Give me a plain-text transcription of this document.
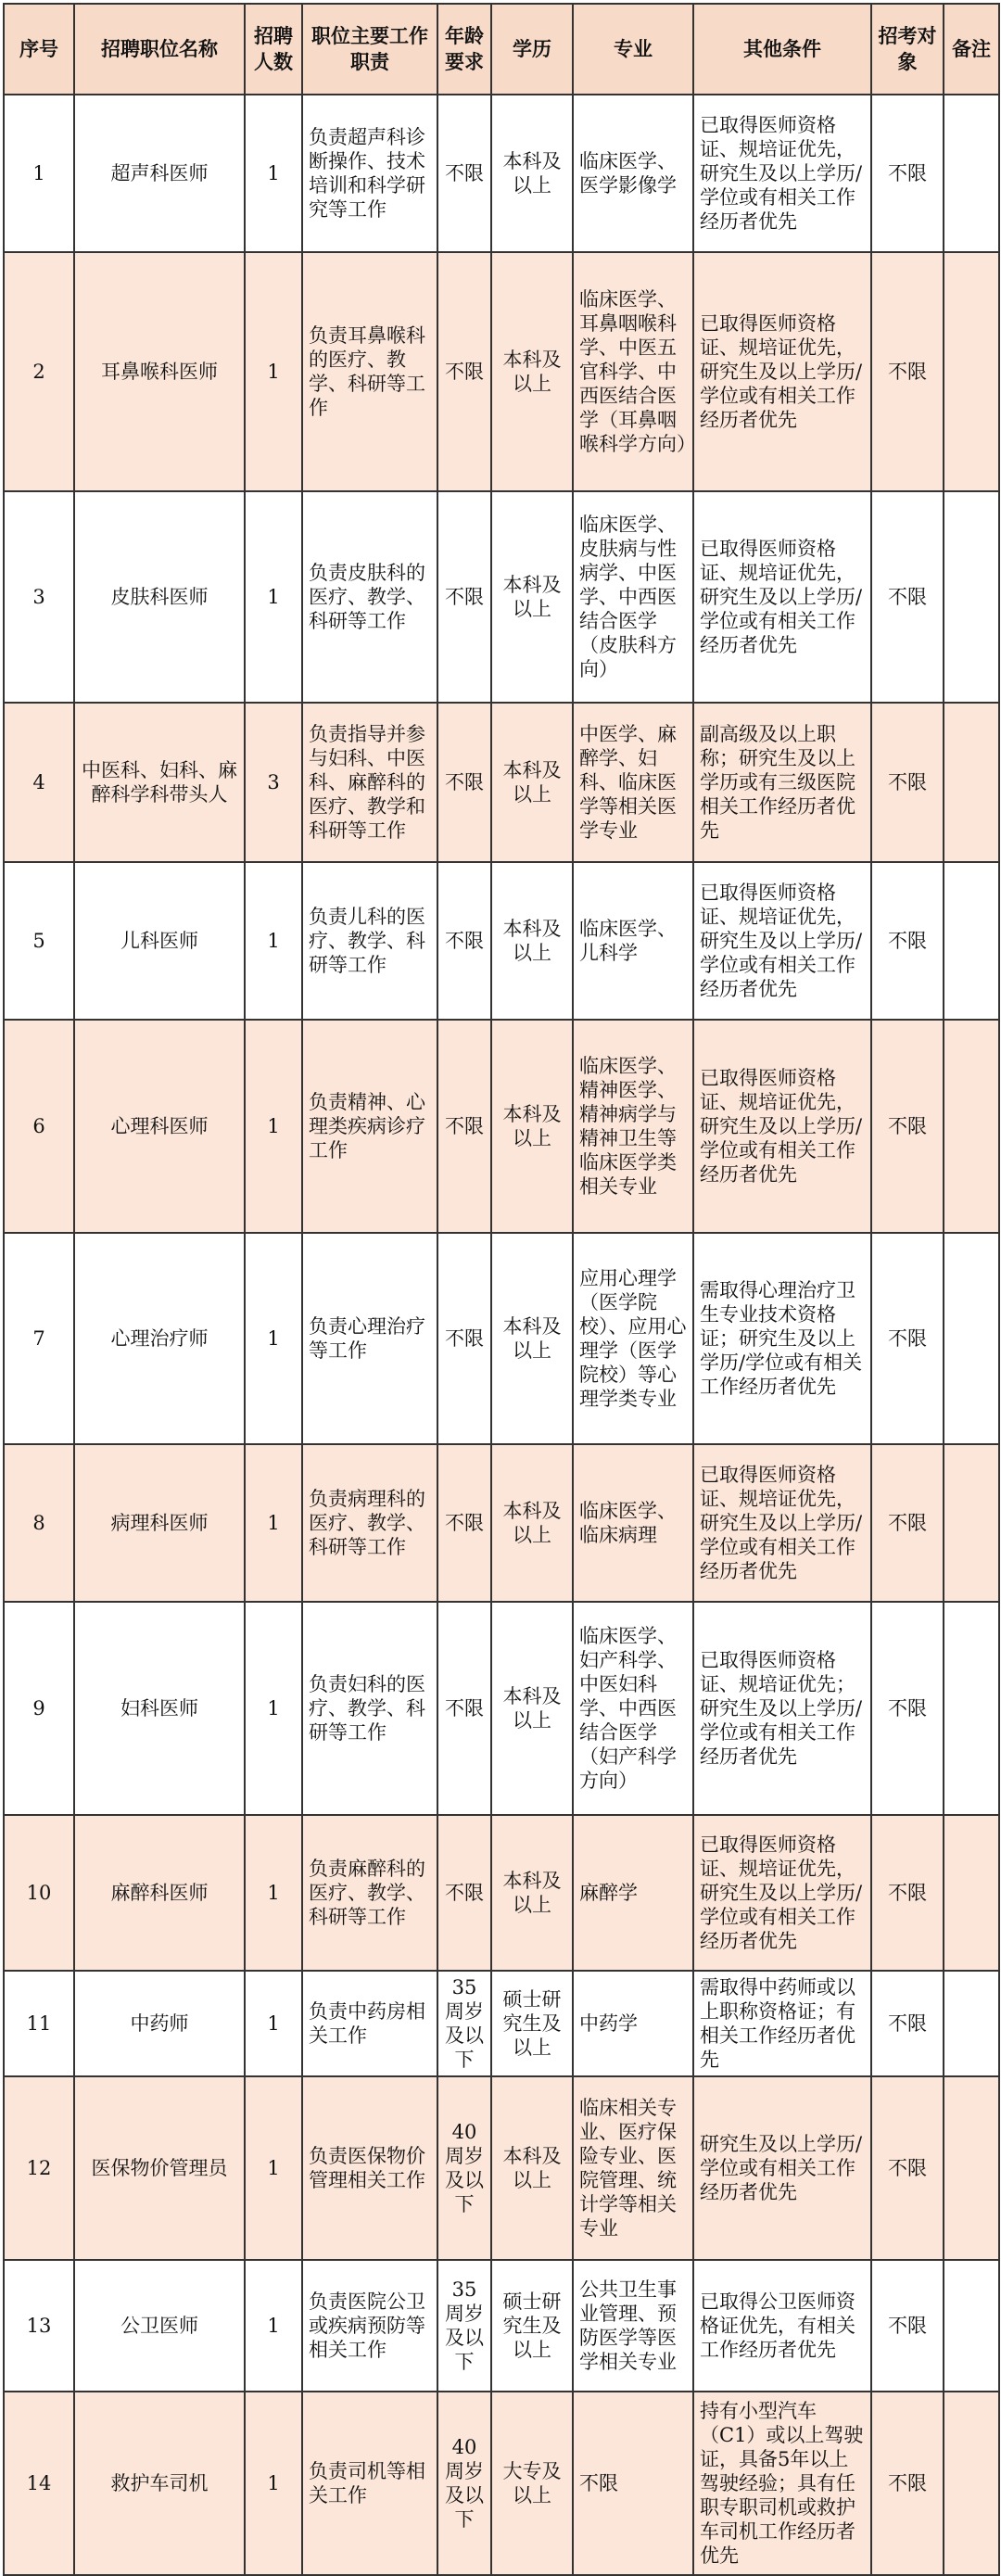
序号	招聘职位名称	招聘人数	职位主要工作职责	年龄要求	学历	专业	其他条件	招考对象	备注
1	超声科医师	1	负责超声科诊断操作、技术培训和科学研究等工作	不限	本科及以上	临床医学、医学影像学	已取得医师资格证、规培证优先，研究生及以上学历/学位或有相关工作经历者优先	不限	
2	耳鼻喉科医师	1	负责耳鼻喉科的医疗、教学、科研等工作	不限	本科及以上	临床医学、耳鼻咽喉科学、中医五官科学、中西医结合医学（耳鼻咽喉科学方向）	已取得医师资格证、规培证优先，研究生及以上学历/学位或有相关工作经历者优先	不限	
3	皮肤科医师	1	负责皮肤科的医疗、教学、科研等工作	不限	本科及以上	临床医学、皮肤病与性病学、中医学、中西医结合医学（皮肤科方向）	已取得医师资格证、规培证优先，研究生及以上学历/学位或有相关工作经历者优先	不限	
4	中医科、妇科、麻醉科学科带头人	3	负责指导并参与妇科、中医科、麻醉科的医疗、教学和科研等工作	不限	本科及以上	中医学、麻醉学、妇科、临床医学等相关医学专业	副高级及以上职称；研究生及以上学历或有三级医院相关工作经历者优先	不限	
5	儿科医师	1	负责儿科的医疗、教学、科研等工作	不限	本科及以上	临床医学、儿科学	已取得医师资格证、规培证优先，研究生及以上学历/学位或有相关工作经历者优先	不限	
6	心理科医师	1	负责精神、心理类疾病诊疗工作	不限	本科及以上	临床医学、精神医学、精神病学与精神卫生等临床医学类相关专业	已取得医师资格证、规培证优先，研究生及以上学历/学位或有相关工作经历者优先	不限	
7	心理治疗师	1	负责心理治疗等工作	不限	本科及以上	应用心理学（医学院校）、应用心理学（医学院校）等心理学类专业	需取得心理治疗卫生专业技术资格证；研究生及以上学历/学位或有相关工作经历者优先	不限	
8	病理科医师	1	负责病理科的医疗、教学、科研等工作	不限	本科及以上	临床医学、临床病理	已取得医师资格证、规培证优先，研究生及以上学历/学位或有相关工作经历者优先	不限	
9	妇科医师	1	负责妇科的医疗、教学、科研等工作	不限	本科及以上	临床医学、妇产科学、中医妇科学、中西医结合医学（妇产科学方向）	已取得医师资格证、规培证优先；研究生及以上学历/学位或有相关工作经历者优先	不限	
10	麻醉科医师	1	负责麻醉科的医疗、教学、科研等工作	不限	本科及以上	麻醉学	已取得医师资格证、规培证优先，研究生及以上学历/学位或有相关工作经历者优先	不限	
11	中药师	1	负责中药房相关工作	35周岁及以下	硕士研究生及以上	中药学	需取得中药师或以上职称资格证；有相关工作经历者优先	不限	
12	医保物价管理员	1	负责医保物价管理相关工作	40周岁及以下	本科及以上	临床相关专业、医疗保险专业、医院管理、统计学等相关专业	研究生及以上学历/学位或有相关工作经历者优先	不限	
13	公卫医师	1	负责医院公卫或疾病预防等相关工作	35周岁及以下	硕士研究生及以上	公共卫生事业管理、预防医学等医学相关专业	已取得公卫医师资格证优先，有相关工作经历者优先	不限	
14	救护车司机	1	负责司机等相关工作	40周岁及以下	大专及以上	不限	持有小型汽车（C1）或以上驾驶证，具备5年以上驾驶经验；具有任职专职司机或救护车司机工作经历者优先	不限	
